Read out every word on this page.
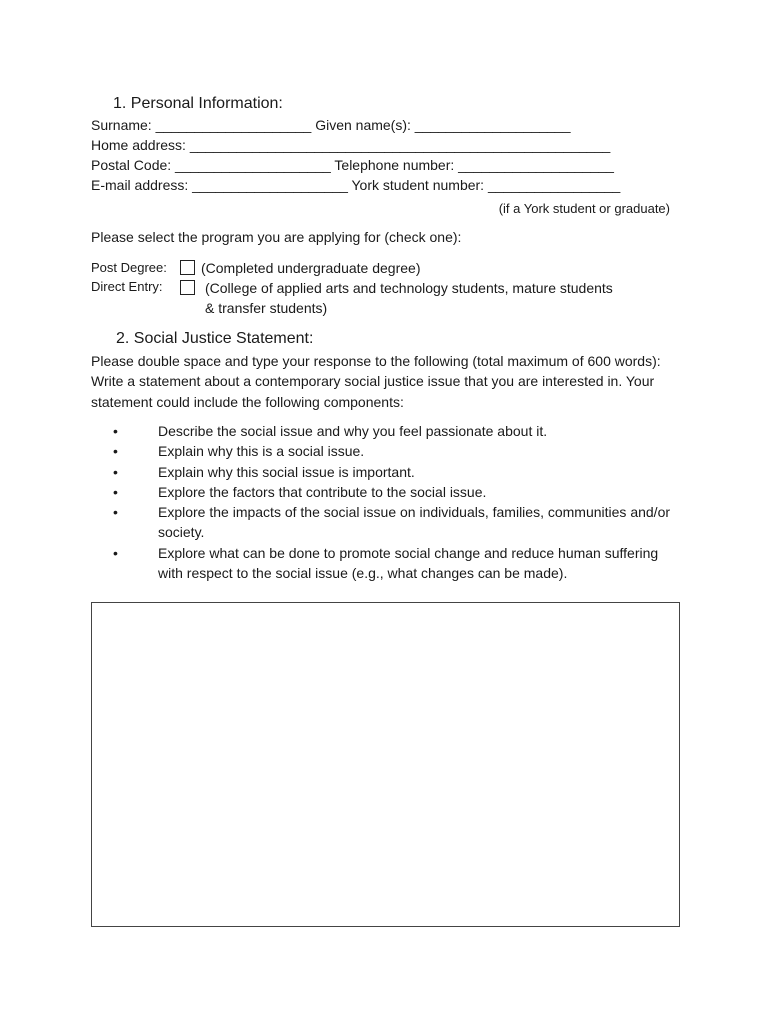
1. Personal Information:
Surname: ____________________ Given name(s): ____________________
Home address: ______________________________________________________
Postal Code: ____________________ Telephone number: ____________________
E-mail address: ____________________ York student number: _________________
(if a York student or graduate)
Please select the program you are applying for (check one):
Post Degree: (Completed undergraduate degree)
Direct Entry:	(College of applied arts and technology students, mature students
& transfer students)
2. Social Justice Statement:
Please double space and type your response to the following (total maximum of 600 words): Write a statement about a contemporary social justice issue that you are interested in. Your statement could include the following components:
•	Describe the social issue and why you feel passionate about it.
•	Explain why this is a social issue.
•	Explain why this social issue is important.
•	Explore the factors that contribute to the social issue.
•	Explore the impacts of the social issue on individuals, families, communities and/or society.
•	Explore what can be done to promote social change and reduce human suffering with respect to the social issue (e.g., what changes can be made).
